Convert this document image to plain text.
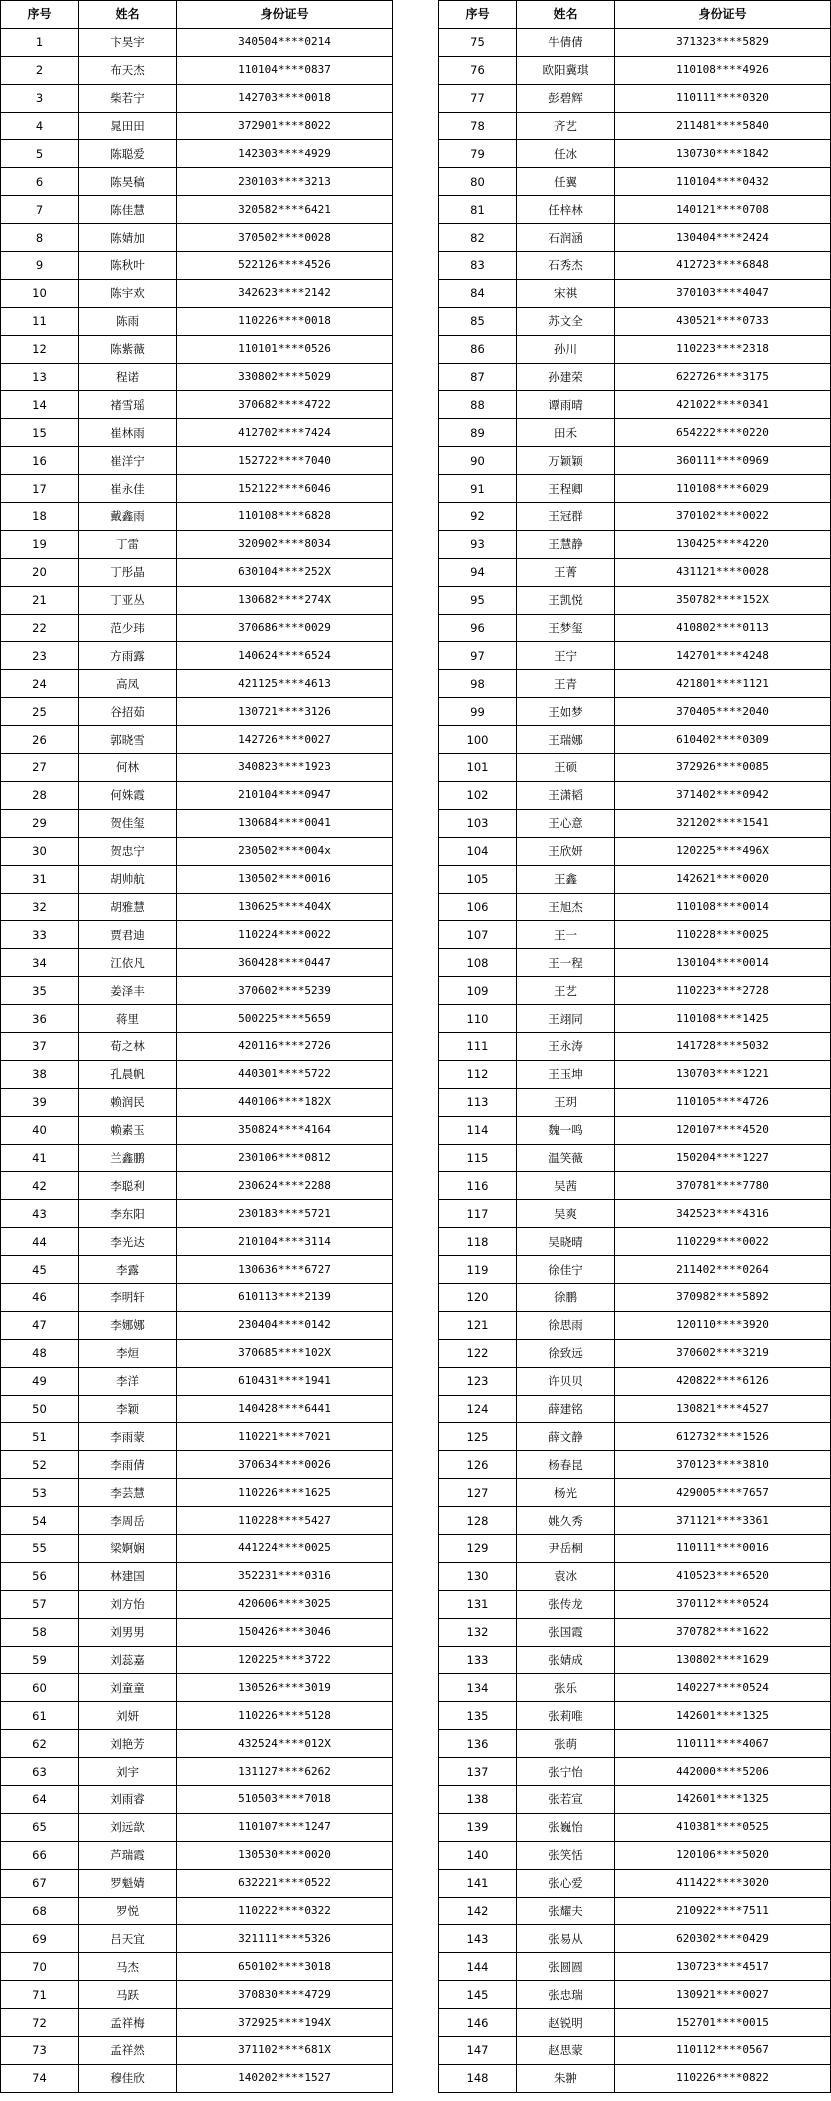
序号	姓名	身份证号
1	卞昊宇	340504****0214
2	布天杰	110104****0837
3	柴若宁	142703****0018
4	晁田田	372901****8022
5	陈聪爱	142303****4929
6	陈昊稿	230103****3213
7	陈佳慧	320582****6421
8	陈婧加	370502****0028
9	陈秋叶	522126****4526
10	陈宇欢	342623****2142
11	陈雨	110226****0018
12	陈紫薇	110101****0526
13	程诺	330802****5029
14	褚雪瑶	370682****4722
15	崔林雨	412702****7424
16	崔洋宁	152722****7040
17	崔永佳	152122****6046
18	戴鑫雨	110108****6828
19	丁雷	320902****8034
20	丁彤晶	630104****252X
21	丁亚丛	130682****274X
22	范少玮	370686****0029
23	方雨露	140624****6524
24	高凤	421125****4613
25	谷招茹	130721****3126
26	郭晓雪	142726****0027
27	何林	340823****1923
28	何姝霞	210104****0947
29	贺佳玺	130684****0041
30	贺忠宁	230502****004x
31	胡帅航	130502****0016
32	胡雅慧	130625****404X
33	贾君迪	110224****0022
34	江依凡	360428****0447
35	姜泽丰	370602****5239
36	蒋里	500225****5659
37	荀之林	420116****2726
38	孔晨帆	440301****5722
39	赖润民	440106****182X
40	赖素玉	350824****4164
41	兰鑫鹏	230106****0812
42	李聪利	230624****2288
43	李东阳	230183****5721
44	李光达	210104****3114
45	李露	130636****6727
46	李明轩	610113****2139
47	李娜娜	230404****0142
48	李烜	370685****102X
49	李洋	610431****1941
50	李颖	140428****6441
51	李雨蒙	110221****7021
52	李雨倩	370634****0026
53	李芸慧	110226****1625
54	李周岳	110228****5427
55	梁婀娴	441224****0025
56	林建国	352231****0316
57	刘方怡	420606****3025
58	刘男男	150426****3046
59	刘蕊嘉	120225****3722
60	刘童童	130526****3019
61	刘妍	110226****5128
62	刘艳芳	432524****012X
63	刘宇	131127****6262
64	刘雨睿	510503****7018
65	刘远歆	110107****1247
66	芦瑞霞	130530****0020
67	罗魁婧	632221****0522
68	罗悦	110222****0322
69	吕天宜	321111****5326
70	马杰	650102****3018
71	马跃	370830****4729
72	孟祥梅	372925****194X
73	孟祥然	371102****681X
74	穆佳欣	140202****1527
序号	姓名	身份证号
75	牛倩倩	371323****5829
76	欧阳冀琪	110108****4926
77	彭碧辉	110111****0320
78	齐艺	211481****5840
79	任冰	130730****1842
80	任翼	110104****0432
81	任梓林	140121****0708
82	石润涵	130404****2424
83	石秀杰	412723****6848
84	宋祺	370103****4047
85	苏文全	430521****0733
86	孙川	110223****2318
87	孙建荣	622726****3175
88	谭雨晴	421022****0341
89	田禾	654222****0220
90	万颖颖	360111****0969
91	王程卿	110108****6029
92	王冠群	370102****0022
93	王慧静	130425****4220
94	王菁	431121****0028
95	王凯悦	350782****152X
96	王梦玺	410802****0113
97	王宁	142701****4248
98	王青	421801****1121
99	王如梦	370405****2040
100	王瑞娜	610402****0309
101	王硕	372926****0085
102	王潇韬	371402****0942
103	王心意	321202****1541
104	王欣妍	120225****496X
105	王鑫	142621****0020
106	王旭杰	110108****0014
107	王一	110228****0025
108	王一程	130104****0014
109	王艺	110223****2728
110	王翊同	110108****1425
111	王永涛	141728****5032
112	王玉坤	130703****1221
113	王玥	110105****4726
114	魏一鸣	120107****4520
115	温笑薇	150204****1227
116	吴茜	370781****7780
117	吴爽	342523****4316
118	吴晓晴	110229****0022
119	徐佳宁	211402****0264
120	徐鹏	370982****5892
121	徐思雨	120110****3920
122	徐致远	370602****3219
123	许贝贝	420822****6126
124	薛建铭	130821****4527
125	薛文静	612732****1526
126	杨春昆	370123****3810
127	杨光	429005****7657
128	姚久秀	371121****3361
129	尹岳桐	110111****0016
130	袁冰	410523****6520
131	张传龙	370112****0524
132	张国霞	370782****1622
133	张婧成	130802****1629
134	张乐	140227****0524
135	张莉唯	142601****1325
136	张萌	110111****4067
137	张宁怡	442000****5206
138	张若宣	142601****1325
139	张巍怡	410381****0525
140	张笑恬	120106****5020
141	张心爱	411422****3020
142	张耀夫	210922****7511
143	张易从	620302****0429
144	张圆圆	130723****4517
145	张忠瑞	130921****0027
146	赵锐明	152701****0015
147	赵思蒙	110112****0567
148	朱翀	110226****0822
